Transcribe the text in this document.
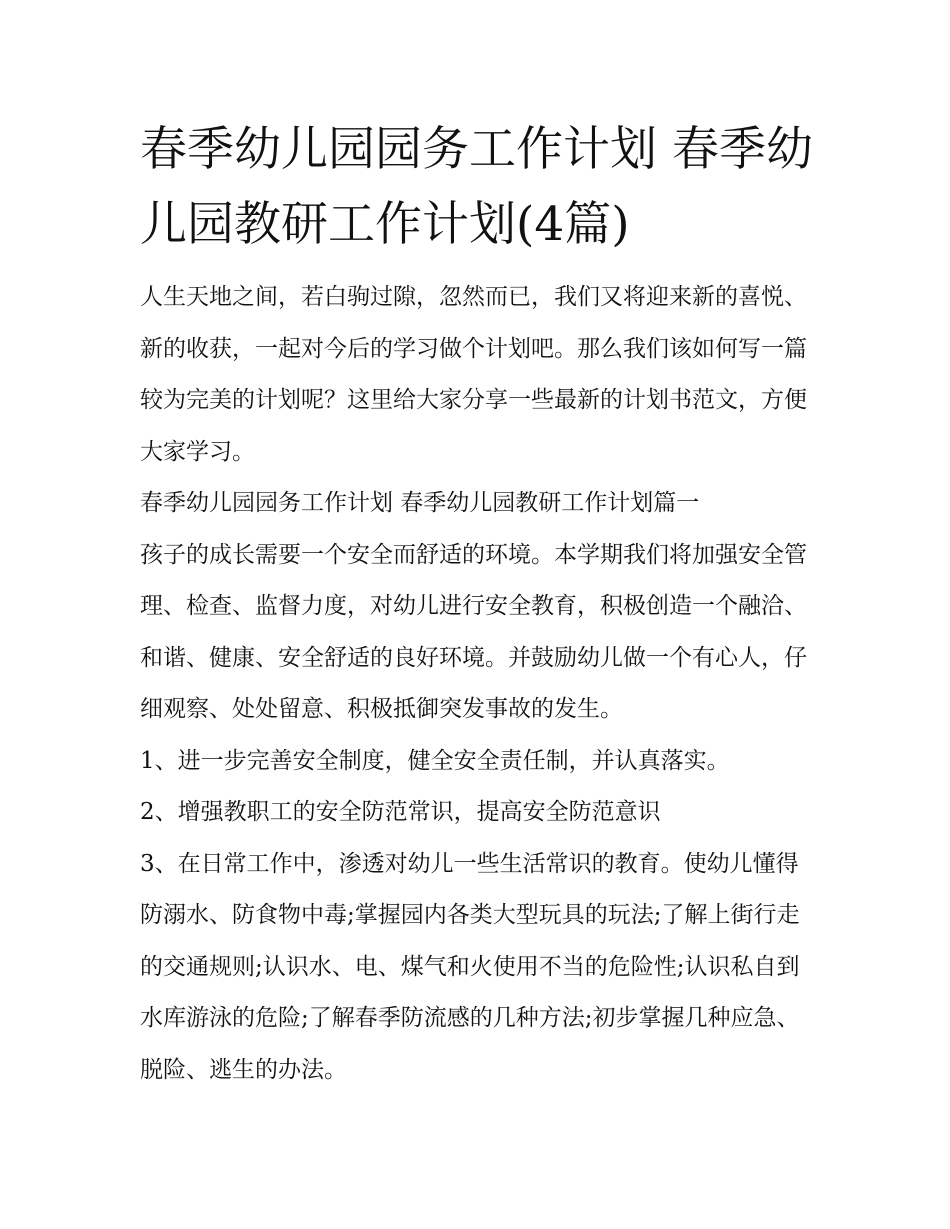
春季幼儿园园务工作计划 春季幼儿园教研工作计划(4篇)

人生天地之间，若白驹过隙，忽然而已，我们又将迎来新的喜悦、新的收获，一起对今后的学习做个计划吧。那么我们该如何写一篇较为完美的计划呢？这里给大家分享一些最新的计划书范文，方便大家学习。

春季幼儿园园务工作计划 春季幼儿园教研工作计划篇一

孩子的成长需要一个安全而舒适的环境。本学期我们将加强安全管理、检查、监督力度，对幼儿进行安全教育，积极创造一个融洽、和谐、健康、安全舒适的良好环境。并鼓励幼儿做一个有心人，仔细观察、处处留意、积极抵御突发事故的发生。

1、进一步完善安全制度，健全安全责任制，并认真落实。

2、增强教职工的安全防范常识，提高安全防范意识

3、在日常工作中，渗透对幼儿一些生活常识的教育。使幼儿懂得防溺水、防食物中毒;掌握园内各类大型玩具的玩法;了解上街行走的交通规则;认识水、电、煤气和火使用不当的危险性;认识私自到水库游泳的危险;了解春季防流感的几种方法;初步掌握几种应急、脱险、逃生的办法。
